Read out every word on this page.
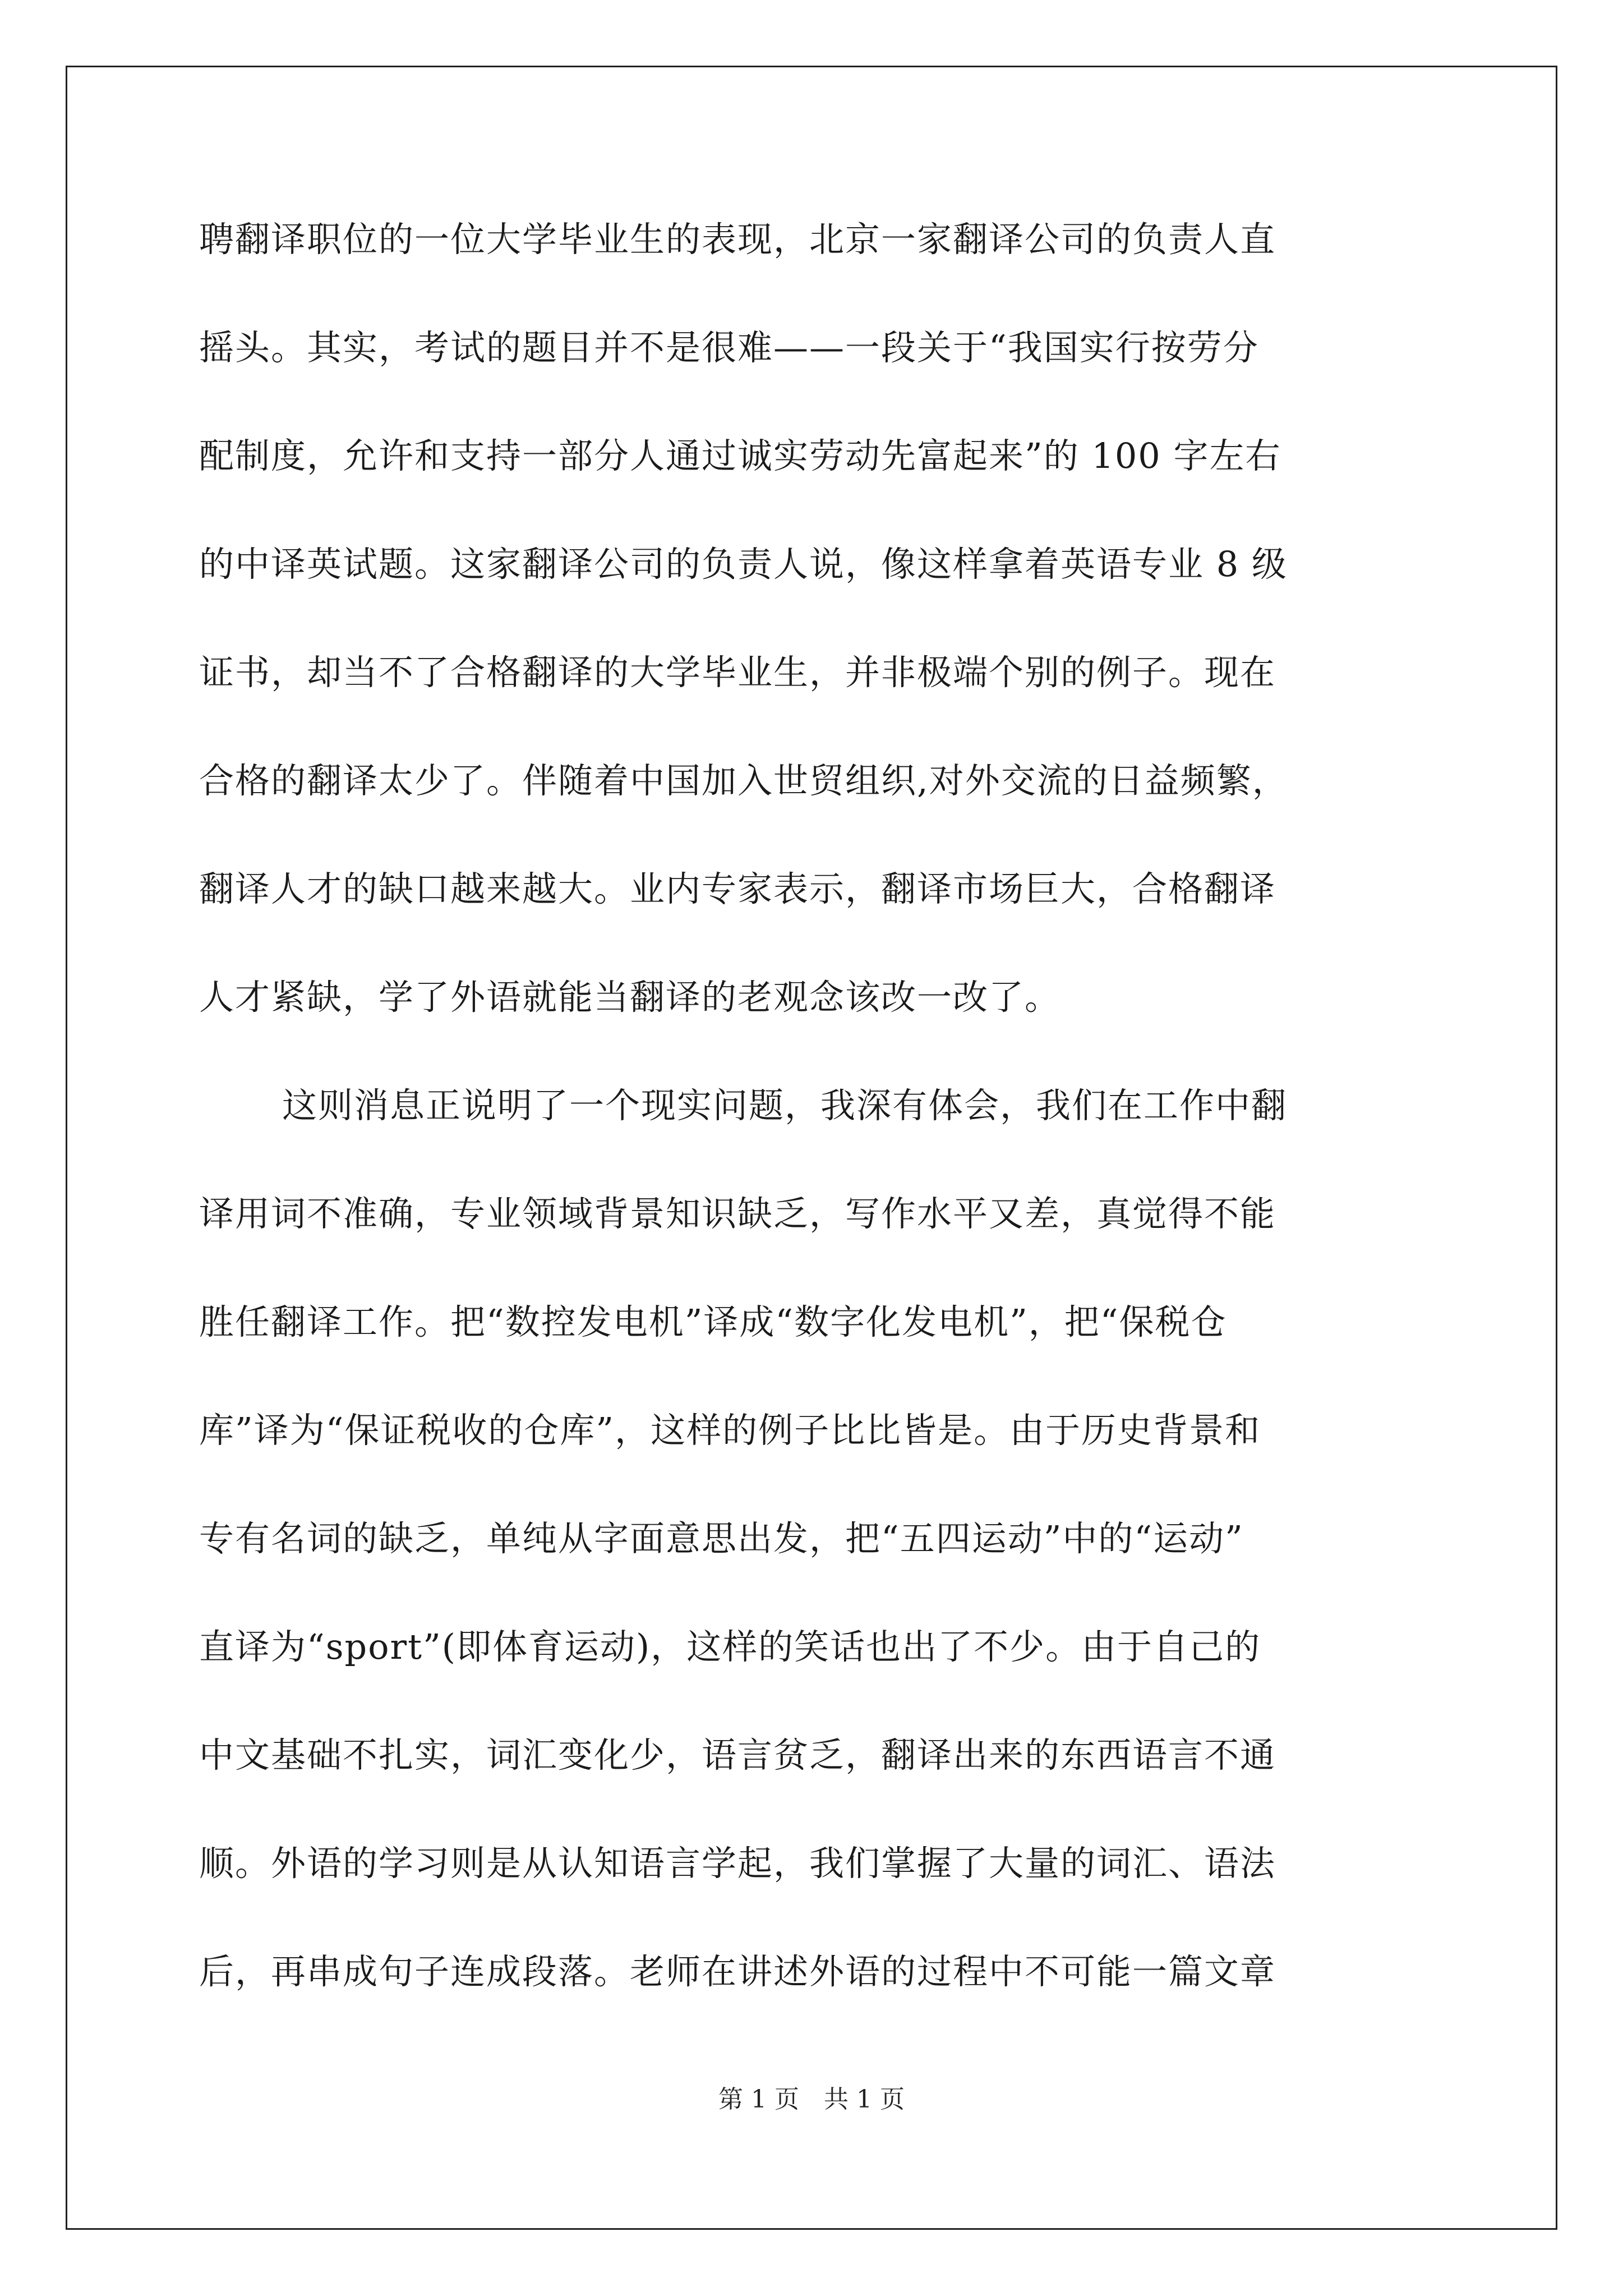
聘翻译职位的一位大学毕业生的表现，北京一家翻译公司的负责人直
摇头。其实，考试的题目并不是很难——一段关于“我国实行按劳分
配制度，允许和支持一部分人通过诚实劳动先富起来”的 100 字左右
的中译英试题。这家翻译公司的负责人说，像这样拿着英语专业 8 级
证书，却当不了合格翻译的大学毕业生，并非极端个别的例子。现在
合格的翻译太少了。伴随着中国加入世贸组织,对外交流的日益频繁，
翻译人才的缺口越来越大。业内专家表示，翻译市场巨大，合格翻译
人才紧缺，学了外语就能当翻译的老观念该改一改了。
这则消息正说明了一个现实问题，我深有体会，我们在工作中翻
译用词不准确，专业领域背景知识缺乏，写作水平又差，真觉得不能
胜任翻译工作。把“数控发电机”译成“数字化发电机”，把“保税仓
库”译为“保证税收的仓库”，这样的例子比比皆是。由于历史背景和
专有名词的缺乏，单纯从字面意思出发，把“五四运动”中的“运动”
直译为“sport”(即体育运动)，这样的笑话也出了不少。由于自己的
中文基础不扎实，词汇变化少，语言贫乏，翻译出来的东西语言不通
顺。外语的学习则是从认知语言学起，我们掌握了大量的词汇、语法
后，再串成句子连成段落。老师在讲述外语的过程中不可能一篇文章
第 1 页　共 1 页
